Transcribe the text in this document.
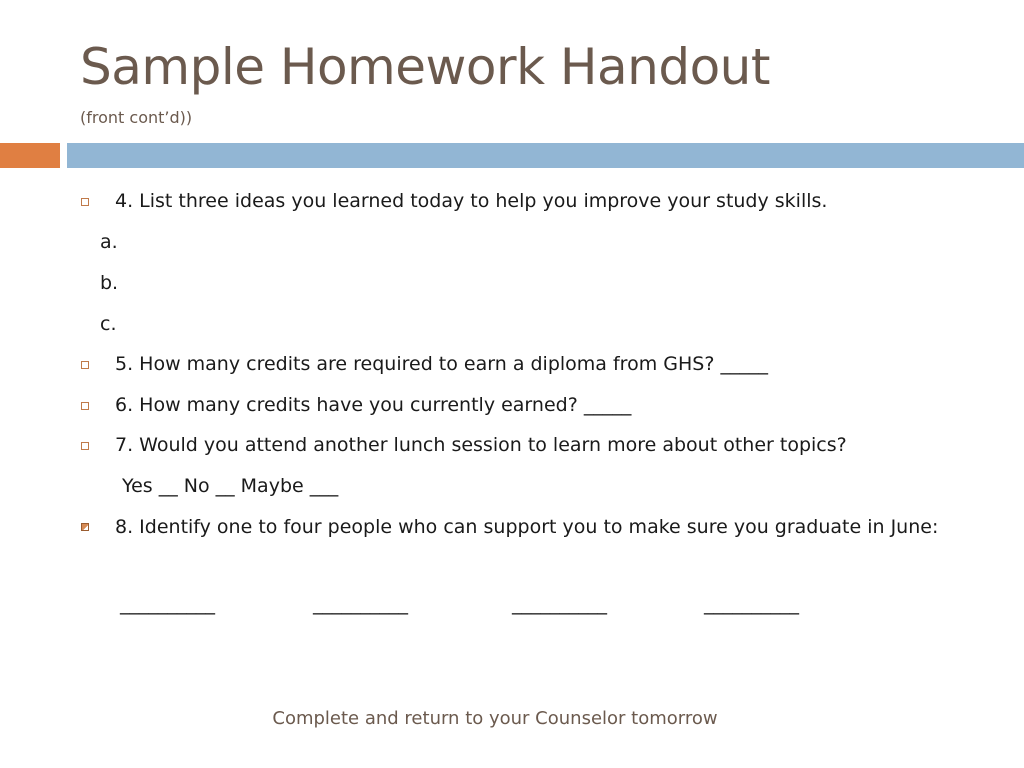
Sample Homework Handout
(front cont’d))
4. List three ideas you learned today to help you improve your study skills.
a.
b.
c.
5. How many credits are required to earn a diploma from GHS? _____
6. How many credits have you currently earned? _____
7. Would you attend another lunch session to learn more about other topics?
Yes __ No __ Maybe ___
8. Identify one to four people who can support you to make sure you graduate in June:
__________	__________	__________	__________
Complete and return to your Counselor tomorrow
